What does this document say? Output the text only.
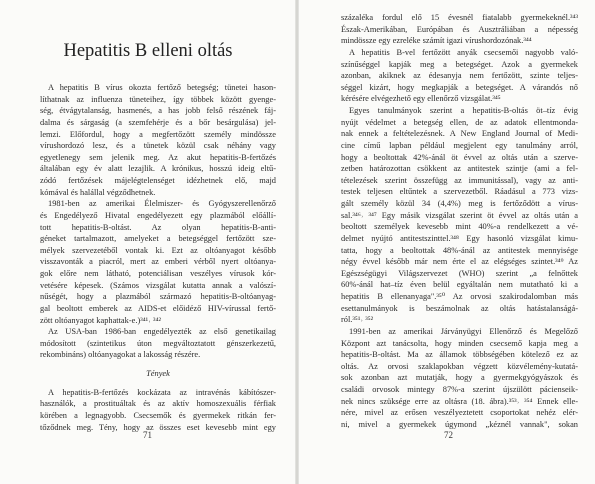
Hepatitis B elleni oltás
A hepatitis B vírus okozta fertőző betegség; tünetei hason-
líthatnak az influenza tüneteihez, így többek között gyenge-
ség, étvágytalanság, hasmenés, a has jobb felső részének fáj-
dalma és sárgaság (a szemfehérje és a bőr besárgulása) jel-
lemzi. Előfordul, hogy a megfertőzött személy mindössze
vírushordozó lesz, és a tünetek közül csak néhány vagy
egyetlenegy sem jelenik meg. Az akut hepatitis-B-fertőzés
általában egy év alatt lezajlik. A krónikus, hosszú ideig eltű-
zódó fertőzések májelégtelenséget idézhetnek elő, majd
kómával és halállal végződhetnek.
1981-ben az amerikai Élelmiszer- és Gyógyszerellenőrző
és Engedélyező Hivatal engedélyezett egy plazmából előállí-
tott hepatitis-B-oltást. Az olyan hepatitis-B-anti-
géneket tartalmazott, amelyeket a betegséggel fertőzött sze-
mélyek szervezetéből vontak ki. Ezt az oltóanyagot később
visszavonták a piacról, mert az emberi vérből nyert oltóanya-
gok előre nem látható, potenciálisan veszélyes vírusok kór-
vetésére képesek. (Számos vizsgálat kutatta annak a valószí-
nűségét, hogy a plazmából származó hepatitis-B-oltóanyag-
gal beoltott emberek az AIDS-et előidéző HIV-vírussal fertő-
zött oltóanyagot kaphattak-e.)³⁴¹˒ ³⁴²
Az USA-ban 1986-ban engedélyezték az első genetikailag
módosított (szintetikus úton megváltoztatott génszerkezetű,
rekombináns) oltóanyagokat a lakosság részére.
Tények
A hepatitis-B-fertőzés kockázata az intravénás kábítószer-
használók, a prostituáltak és az aktív homoszexuális férfiak
körében a legnagyobb. Csecsemők és gyermekek ritkán fer-
tőződnek meg. Tény, hogy az összes eset kevesebb mint egy
71
százaléka fordul elő 15 évesnél fiatalabb gyermekeknél.³⁴³
Észak-Amerikában, Európában és Ausztráliában a népesség
mindössze egy ezreléke számít igazi vírushordozónak.³⁴⁴
A hepatitis B-vel fertőzött anyák csecsemői nagyobb való-
színűséggel kapják meg a betegséget. Azok a gyermekek
azonban, akiknek az édesanyja nem fertőzött, szinte teljes-
séggel kizárt, hogy megkapják a betegséget. A várandós nő
kérésére elvégezhető egy ellenőrző vizsgálat.³⁴⁵
Egyes tanulmányok szerint a hepatitis-B-oltás öt–tíz évig
nyújt védelmet a betegség ellen, de az adatok ellentmonda-
nak ennek a feltételezésnek. A New England Journal of Medi-
cine című lapban például megjelent egy tanulmány arról,
hogy a beoltottak 42%-ánál öt évvel az oltás után a szerve-
zetben határozottan csökkent az antitestek szintje (ami a fel-
tételezések szerint összefügg az immunitással), vagy az anti-
testek teljesen eltűntek a szervezetből. Ráadásul a 773 vizs-
gált személy közül 34 (4,4%) meg is fertőződött a vírus-
sal.³⁴⁶˒ ³⁴⁷ Egy másik vizsgálat szerint öt évvel az oltás után a
beoltott személyek kevesebb mint 40%-a rendelkezett a vé-
delmet nyújtó antitestszinttel.³⁴⁸ Egy hasonló vizsgálat kimu-
tatta, hogy a beoltottak 48%-ánál az antitestek mennyisége
négy évvel később már nem érte el az elégséges szintet.³⁴⁹ Az
Egészségügyi Világszervezet (WHO) szerint „a felnőttek
60%-ánál hat–tíz éven belül egyáltalán nem mutatható ki a
hepatitis B ellenanyaga".³⁵⁰ Az orvosi szakirodalomban más
esettanulmányok is beszámolnak az oltás hatástalanságá-
ról.³⁵¹˒ ³⁵²
1991-ben az amerikai Járványügyi Ellenőrző és Megelőző
Központ azt tanácsolta, hogy minden csecsemő kapja meg a
hepatitis-B-oltást. Ma az államok többségében kötelező ez az
oltás. Az orvosi szaklapokban végzett közvélemény-kutatá-
sok azonban azt mutatják, hogy a gyermekgyógyászok és
családi orvosok mintegy 87%-a szerint újszülött pácienseik-
nek nincs szüksége erre az oltásra (18. ábra).³⁵³˒ ³⁵⁴ Ennek elle-
nére, mivel az erősen veszélyeztetett csoportokat nehéz elér-
ni, mivel a gyermekek úgymond „kéznél vannak", sokan
72
